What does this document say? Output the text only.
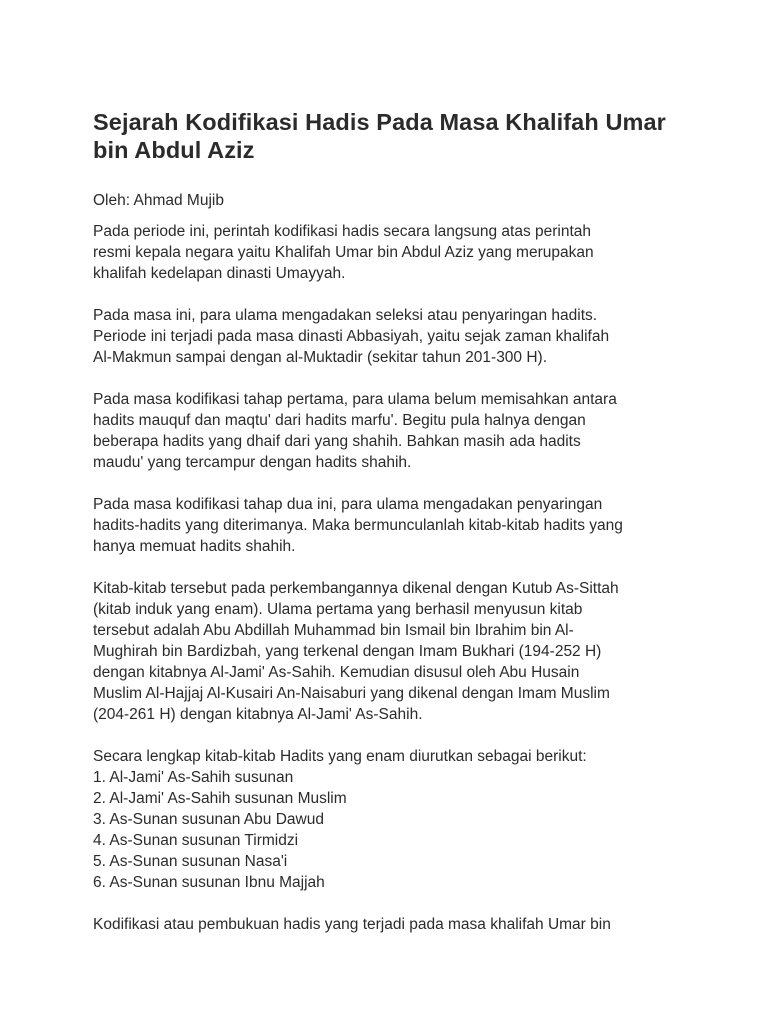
Sejarah Kodifikasi Hadis Pada Masa Khalifah Umar
bin Abdul Aziz

Oleh: Ahmad Mujib

Pada periode ini, perintah kodifikasi hadis secara langsung atas perintah
resmi kepala negara yaitu Khalifah Umar bin Abdul Aziz yang merupakan
khalifah kedelapan dinasti Umayyah.

Pada masa ini, para ulama mengadakan seleksi atau penyaringan hadits.
Periode ini terjadi pada masa dinasti Abbasiyah, yaitu sejak zaman khalifah
Al-Makmun sampai dengan al-Muktadir (sekitar tahun 201-300 H).

Pada masa kodifikasi tahap pertama, para ulama belum memisahkan antara
hadits mauquf dan maqtu' dari hadits marfu'. Begitu pula halnya dengan
beberapa hadits yang dhaif dari yang shahih. Bahkan masih ada hadits
maudu' yang tercampur dengan hadits shahih.

Pada masa kodifikasi tahap dua ini, para ulama mengadakan penyaringan
hadits-hadits yang diterimanya. Maka bermunculanlah kitab-kitab hadits yang
hanya memuat hadits shahih.

Kitab-kitab tersebut pada perkembangannya dikenal dengan Kutub As-Sittah
(kitab induk yang enam). Ulama pertama yang berhasil menyusun kitab
tersebut adalah Abu Abdillah Muhammad bin Ismail bin Ibrahim bin Al-
Mughirah bin Bardizbah, yang terkenal dengan Imam Bukhari (194-252 H)
dengan kitabnya Al-Jami' As-Sahih. Kemudian disusul oleh Abu Husain
Muslim Al-Hajjaj Al-Kusairi An-Naisaburi yang dikenal dengan Imam Muslim
(204-261 H) dengan kitabnya Al-Jami' As-Sahih.

Secara lengkap kitab-kitab Hadits yang enam diurutkan sebagai berikut:

1. Al-Jami' As-Sahih susunan
2. Al-Jami' As-Sahih susunan Muslim
3. As-Sunan susunan Abu Dawud
4. As-Sunan susunan Tirmidzi
5. As-Sunan susunan Nasa'i
6. As-Sunan susunan Ibnu Majjah

Kodifikasi atau pembukuan hadis yang terjadi pada masa khalifah Umar bin
